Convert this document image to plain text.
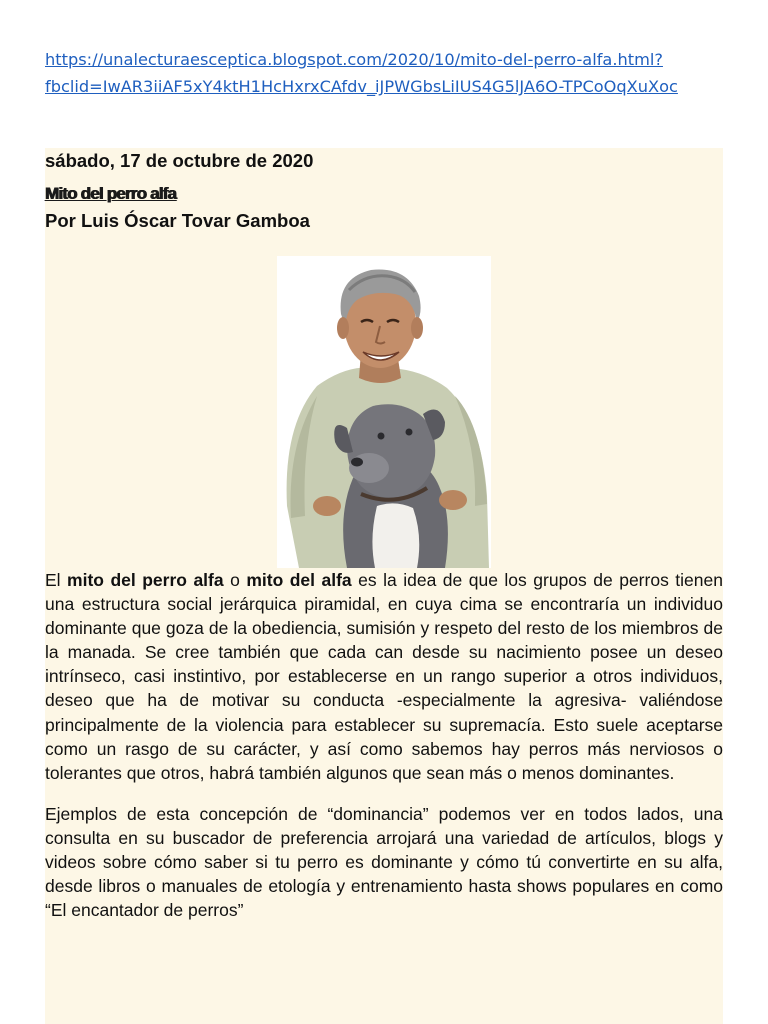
https://unalecturaesceptica.blogspot.com/2020/10/mito-del-perro-alfa.html?
fbclid=IwAR3iiAF5xY4ktH1HcHxrxCAfdv_iJPWGbsLiIUS4G5lJA6O-TPCoOqXuXoc
sábado, 17 de octubre de 2020
Mito del perro alfa
Por Luis Óscar Tovar Gamboa

El mito del perro alfa o mito del alfa es la idea de que los grupos de perros tienen una estructura social jerárquica piramidal, en cuya cima se encontraría un individuo dominante que goza de la obediencia, sumisión y respeto del resto de los miembros de la manada. Se cree también que cada can desde su nacimiento posee un deseo intrínseco, casi instintivo, por establecerse en un rango superior a otros individuos, deseo que ha de motivar su conducta -especialmente la agresiva- valiéndose principalmente de la violencia para establecer su supremacía. Esto suele aceptarse como un rasgo de su carácter, y así como sabemos hay perros más nerviosos o tolerantes que otros, habrá también algunos que sean más o menos dominantes.

Ejemplos de esta concepción de “dominancia” podemos ver en todos lados, una consulta en su buscador de preferencia arrojará una variedad de artículos, blogs y videos sobre cómo saber si tu perro es dominante y cómo tú convertirte en su alfa, desde libros o manuales de etología y entrenamiento hasta shows populares en como “El encantador de perros”
